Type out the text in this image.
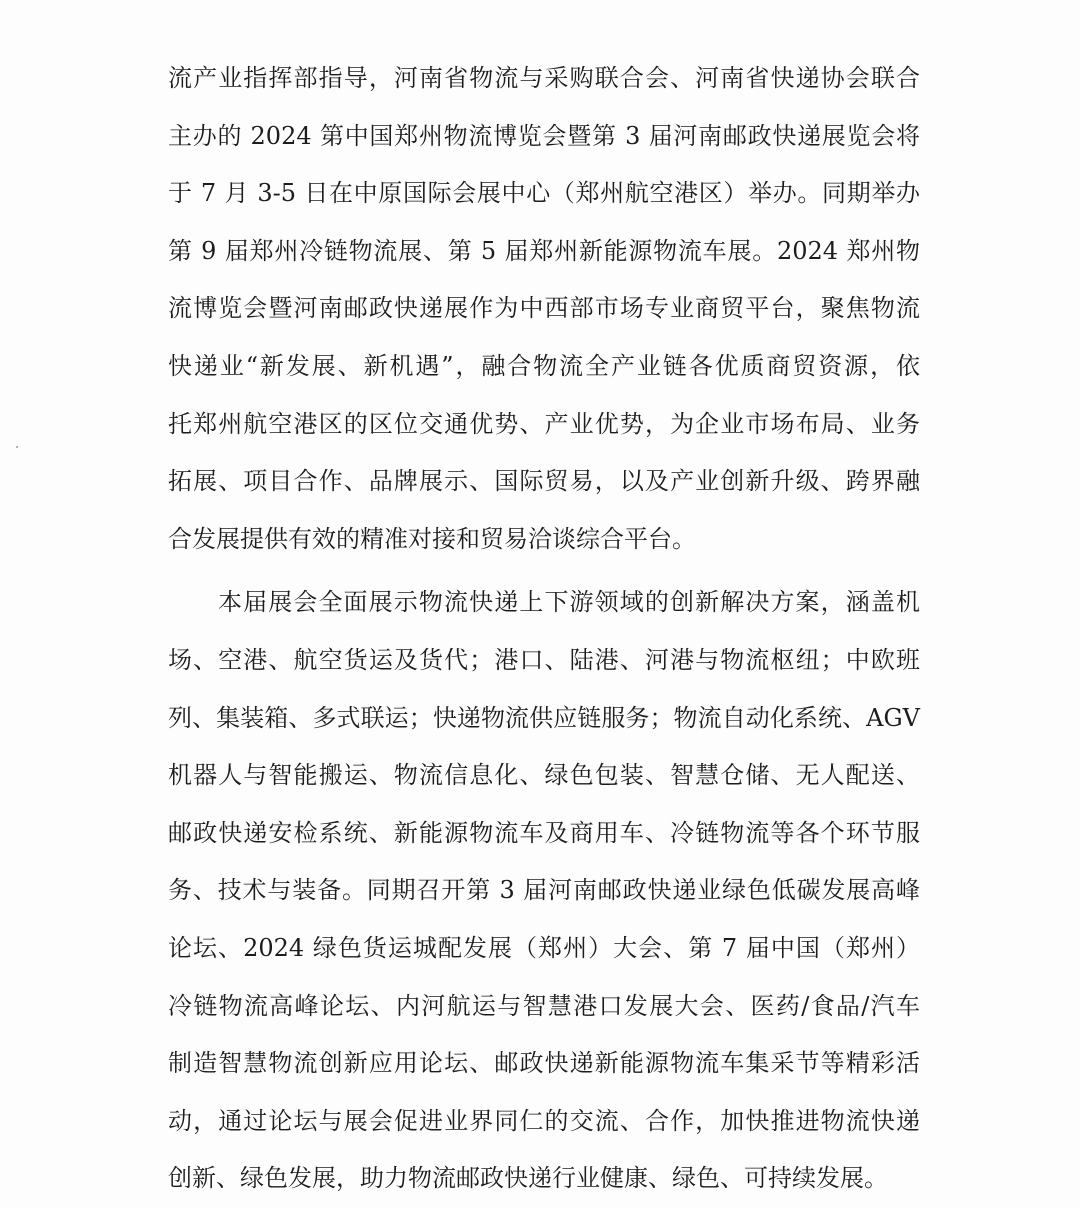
流产业指挥部指导，河南省物流与采购联合会、河南省快递协会联合
主办的 2024 第中国郑州物流博览会暨第 3 届河南邮政快递展览会将
于 7 月 3-5 日在中原国际会展中心（郑州航空港区）举办。同期举办
第 9 届郑州冷链物流展、第 5 届郑州新能源物流车展。2024 郑州物
流博览会暨河南邮政快递展作为中西部市场专业商贸平台，聚焦物流
快递业“新发展、新机遇”，融合物流全产业链各优质商贸资源，依
托郑州航空港区的区位交通优势、产业优势，为企业市场布局、业务
拓展、项目合作、品牌展示、国际贸易，以及产业创新升级、跨界融
合发展提供有效的精准对接和贸易洽谈综合平台。
本届展会全面展示物流快递上下游领域的创新解决方案，涵盖机
场、空港、航空货运及货代；港口、陆港、河港与物流枢纽；中欧班
列、集装箱、多式联运；快递物流供应链服务；物流自动化系统、AGV
机器人与智能搬运、物流信息化、绿色包装、智慧仓储、无人配送、
邮政快递安检系统、新能源物流车及商用车、冷链物流等各个环节服
务、技术与装备。同期召开第 3 届河南邮政快递业绿色低碳发展高峰
论坛、2024 绿色货运城配发展（郑州）大会、第 7 届中国（郑州）
冷链物流高峰论坛、内河航运与智慧港口发展大会、医药/食品/汽车
制造智慧物流创新应用论坛、邮政快递新能源物流车集采节等精彩活
动，通过论坛与展会促进业界同仁的交流、合作，加快推进物流快递
创新、绿色发展，助力物流邮政快递行业健康、绿色、可持续发展。
